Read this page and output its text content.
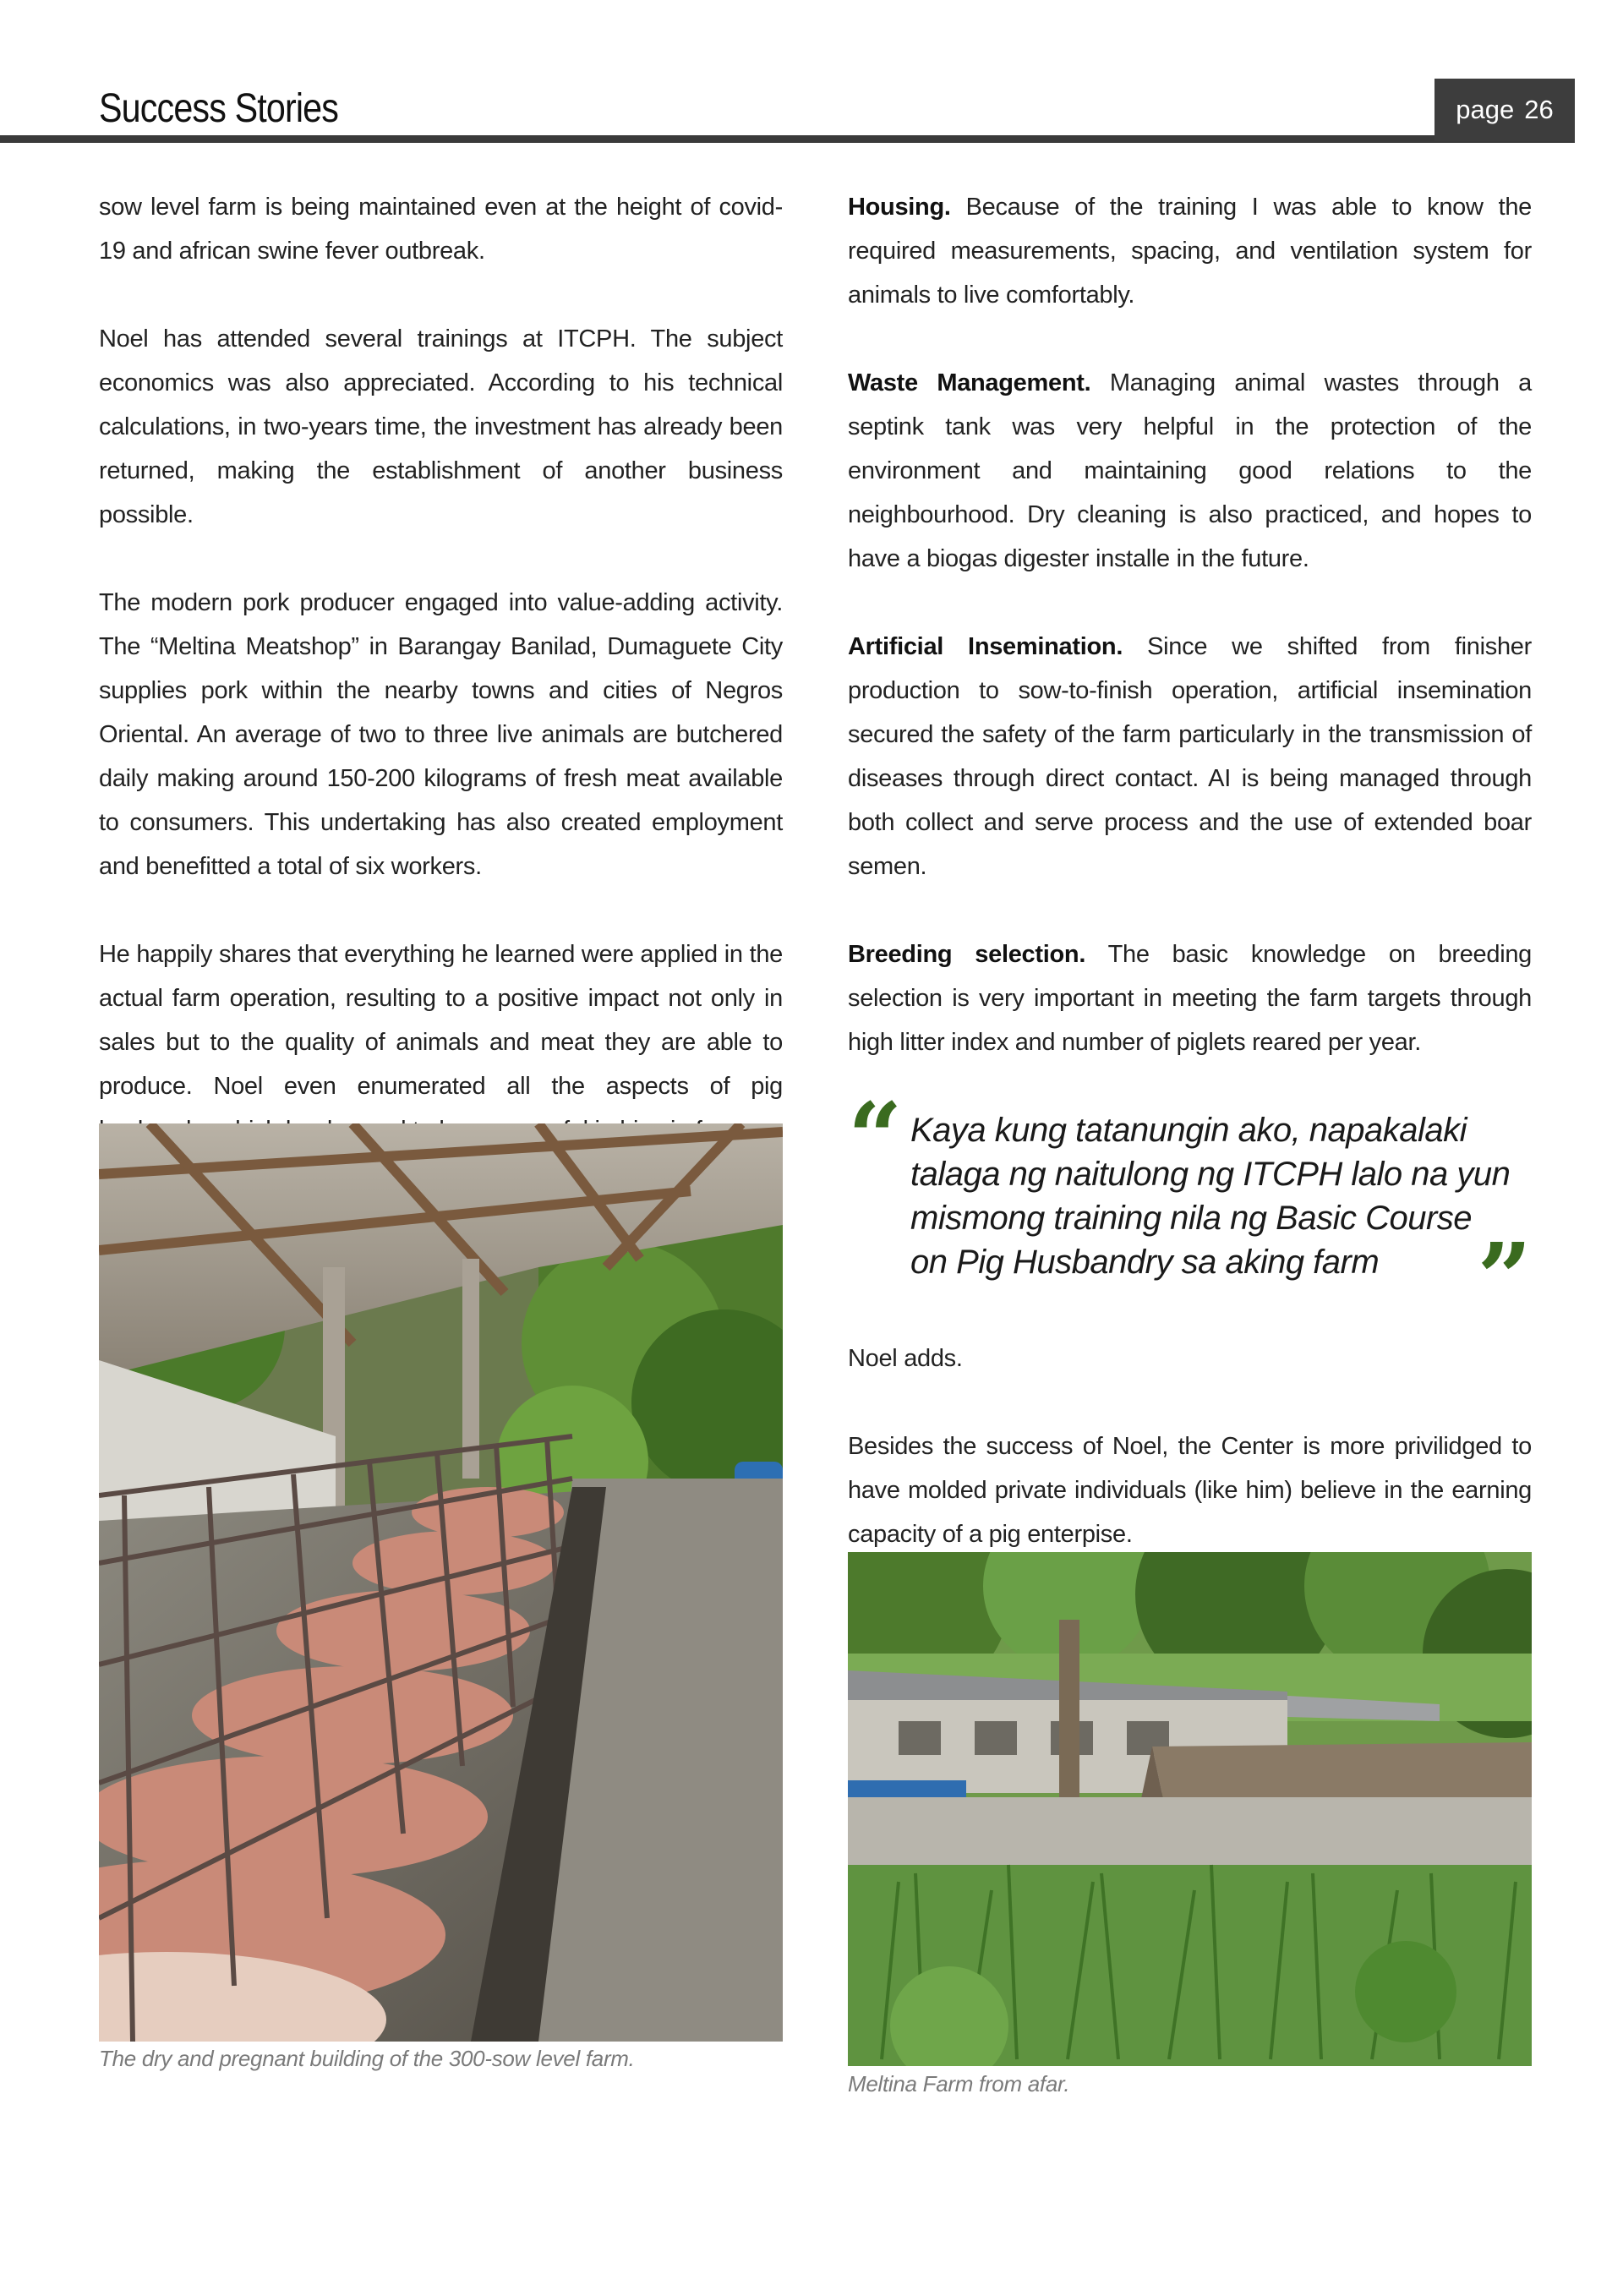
Success Stories	page 26

sow level farm is being maintained even at the height of covid-19 and african swine fever outbreak.

Noel has attended several trainings at ITCPH. The subject economics was also appreciated. According to his technical calculations, in two-years time, the investment has already been returned, making the establishment of another business possible.

The modern pork producer engaged into value-adding activity. The “Meltina Meatshop” in Barangay Banilad, Dumaguete City supplies pork within the nearby towns and cities of Negros Oriental. An average of two to three live animals are butchered daily making around 150-200 kilograms of fresh meat available to consumers. This undertaking has also created employment and benefitted a total of six workers.

He happily shares that everything he learned were applied in the actual farm operation, resulting to a positive impact not only in sales but to the quality of animals and meat they are able to produce. Noel even enumerated all the aspects of pig

Housing. Because of the training I was able to know the required measurements, spacing, and ventilation system for animals to live comfortably.

Waste Management. Managing animal wastes through a septink tank was very helpful in the protection of the environment and maintaining good relations to the neighbourhood. Dry cleaning is also practiced, and hopes to have a biogas digester installe in the future.

Artificial Insemination. Since we shifted from finisher production to sow-to-finish operation, artificial insemination secured the safety of the farm particularly in the transmission of diseases through direct contact. AI is being managed through both collect and serve process and the use of extended boar semen.

Breeding selection. The basic knowledge on breeding selection is very important in meeting the farm targets through high litter index and number of piglets reared per year.

“ Kaya kung tatanungin ako, napakalaki talaga ng naitulong ng ITCPH lalo na yun mismong training nila ng Basic Course on Pig Husbandry sa aking farm	”

Noel adds.

Besides the success of Noel, the Center is more privilidged to have molded private individuals (like him) believe in the earning capacity of a pig enterpise.

The dry and pregnant building of the 300-sow level farm.
Meltina Farm from afar.
